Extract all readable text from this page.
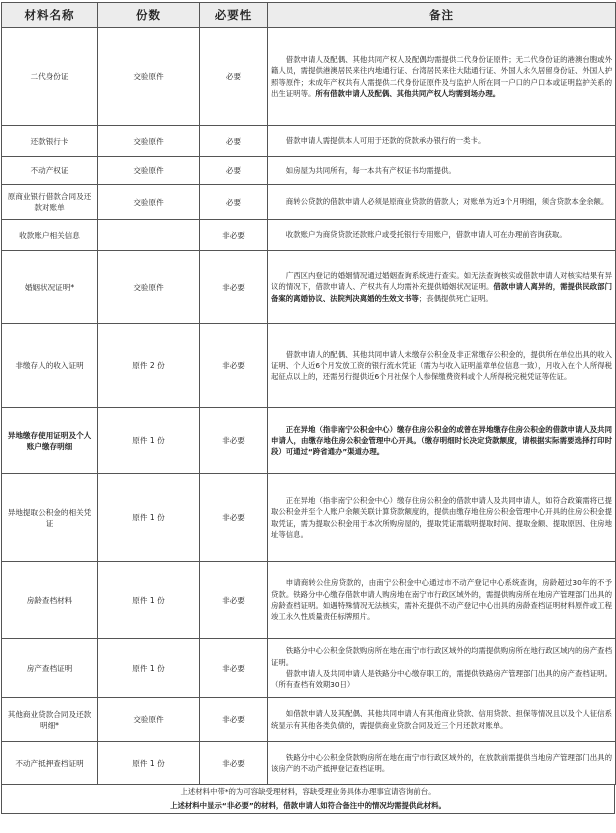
材料名称	份数	必要性	备注
二代身份证	交验原件	必要	借款申请人及配偶、其他共同产权人及配偶均需提供二代身份证原件；无二代身份证的港澳台胞或外籍人员，需提供港澳居民来往内地通行证、台湾居民来往大陆通行证、外国人永久居留身份证、外国人护照等原件；未成年产权共有人需提供二代身份证原件及与监护人所在同一户口的户口本或证明监护关系的出生证明等。所有借款申请人及配偶、其他共同产权人均需到场办理。

还款银行卡	交验原件	必要	借款申请人需提供本人可用于还款的贷款承办银行的一类卡。

不动产权证	交验原件	必要	如房屋为共同所有，每一本共有产权证书均需提供。

原商业银行借款合同及还款对账单	交验原件	必要	商转公贷款的借款申请人必须是原商业贷款的借款人；对账单为近3个月明细，须含贷款本金余额。

收款账户相关信息		非必要	收款账户为商贷贷款还款账户或受托银行专用账户，借款申请人可在办理前咨询获取。

婚姻状况证明*	交验原件	非必要	广西区内登记的婚姻情况通过婚姻查询系统进行查实。如无法查询核实或借款申请人对核实结果有异议的情况下，借款申请人、产权共有人均需补充提供婚姻状况证明。借款申请人离异的，需提供民政部门备案的离婚协议、法院判决离婚的生效文书等；丧偶提供死亡证明。

非缴存人的收入证明	原件 2 份	非必要	借款申请人的配偶、其他共同申请人未缴存公积金及非正常缴存公积金的，提供所在单位出具的收入证明、个人近6个月发放工资的银行流水凭证（需为与收入证明盖章单位信息一致），月收入在个人所得税起征点以上的，还需另行提供近6个月社保个人参保缴费资料或个人所得税完税凭证等佐证。

异地缴存使用证明及个人账户缴存明细	原件 1 份	非必要	正在异地（指非南宁公积金中心）缴存住房公积金的或曾在异地缴存住房公积金的借款申请人及共同申请人，由缴存地住房公积金管理中心开具。（缴存明细时长决定贷款额度，请根据实际需要选择打印时段）可通过“跨省通办”渠道办理。

异地提取公积金的相关凭证	原件 1 份	非必要	正在异地（指非南宁公积金中心）缴存住房公积金的借款申请人及共同申请人，如符合政策需将已提取公积金并至个人账户余额关联计算贷款额度的，提供由缴存地住房公积金管理中心开具的住房公积金提取凭证，需为提取公积金用于本次所购房屋的，提取凭证需载明提取时间、提取金额、提取原因、住房地址等信息。

房龄查档材料	原件 1 份	非必要	申请商转公住房贷款的，由南宁公积金中心通过市不动产登记中心系统查询，房龄超过30年的不予贷款。铁路分中心缴存借款申请人购房地在南宁市行政区域外的，需提供购房所在地房产管理部门出具的房龄查档证明。如遇特殊情况无法核实，需补充提供不动产登记中心出具的房龄查档证明材料原件或工程竣工永久性质量责任标牌照片。

房产查档证明	原件 1 份	非必要	铁路分中心公积金贷款购房所在地在南宁市行政区域外的均需提供购房所在地行政区域内的房产查档证明。

借款申请人及共同申请人是铁路分中心缴存职工的，需提供铁路房产管理部门出具的房产查档证明。（所有查档有效期30日）

其他商业贷款合同及还款明细*	交验原件	非必要	如借款申请人及其配偶、其他共同申请人有其他商业贷款、信用贷款、担保等情况且以及个人征信系统显示有其他各类负债的，需提供商业贷款合同及近三个月还款对账单。

不动产抵押查档证明	原件 1 份	非必要	铁路分中心公积金贷款购房所在地在南宁市行政区域外的，在放款前需提供当地房产管理部门出具的该房产的不动产抵押登记查档证明。

上述材料中带*的为可容缺受理材料，容缺受理业务具体办理事宜请咨询前台。
上述材料中显示“非必要”的材料，借款申请人如符合备注中的情况均需提供此材料。
